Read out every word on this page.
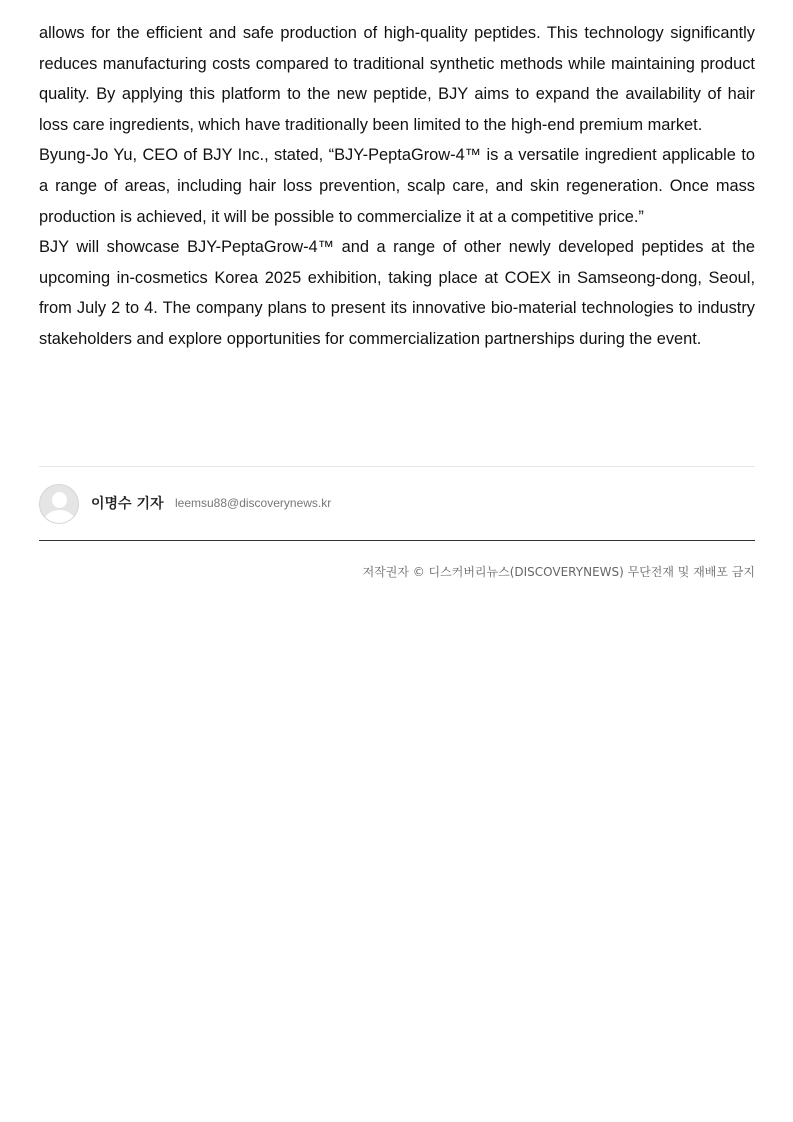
allows for the efficient and safe production of high-quality peptides. This technology significantly reduces manufacturing costs compared to traditional synthetic methods while maintaining product quality. By applying this platform to the new peptide, BJY aims to expand the availability of hair loss care ingredients, which have traditionally been limited to the high-end premium market.

Byung-Jo Yu, CEO of BJY Inc., stated, “BJY-PeptaGrow-4™ is a versatile ingredient applicable to a range of areas, including hair loss prevention, scalp care, and skin regeneration. Once mass production is achieved, it will be possible to commercialize it at a competitive price.”

BJY will showcase BJY-PeptaGrow-4™ and a range of other newly developed peptides at the upcoming in-cosmetics Korea 2025 exhibition, taking place at COEX in Samseong-dong, Seoul, from July 2 to 4. The company plans to present its innovative bio-material technologies to industry stakeholders and explore opportunities for commercialization partnerships during the event.

이명수 기자 leemsu88@discoverynews.kr
저작권자 © 디스커버리뉴스(DISCOVERYNEWS) 무단전재 및 재배포 금지
